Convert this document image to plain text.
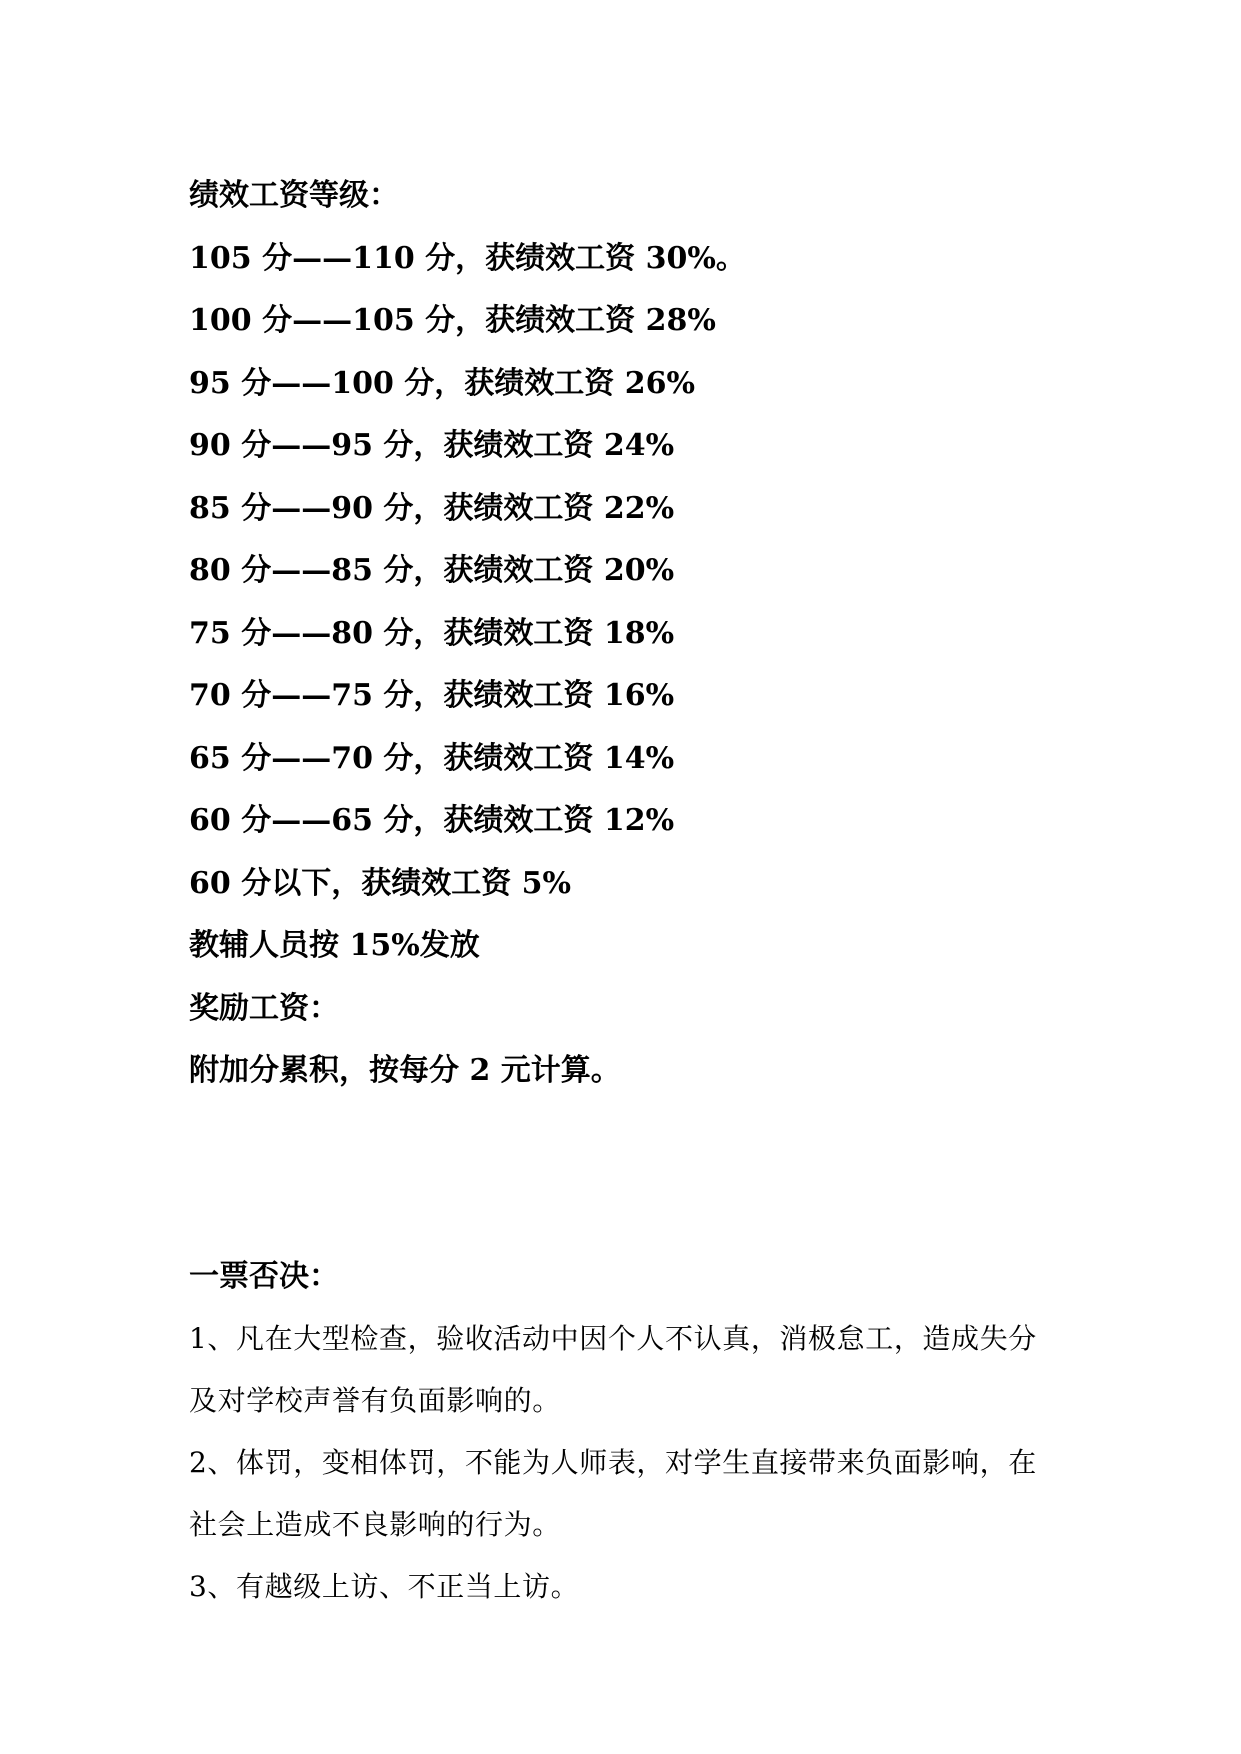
绩效工资等级：

105 分——110 分，获绩效工资 30%。

100 分——105 分，获绩效工资 28%

95 分——100 分，获绩效工资 26%

90 分——95 分，获绩效工资 24%

85 分——90 分，获绩效工资 22%

80 分——85 分，获绩效工资 20%

75 分——80 分，获绩效工资 18%

70 分——75 分，获绩效工资 16%

65 分——70 分，获绩效工资 14%

60 分——65 分，获绩效工资 12%

60 分以下，获绩效工资 5%

教辅人员按 15%发放

奖励工资：

附加分累积，按每分 2 元计算。

一票否决：

1、凡在大型检查，验收活动中因个人不认真，消极怠工，造成失分

及对学校声誉有负面影响的。

2、体罚，变相体罚，不能为人师表，对学生直接带来负面影响，在

社会上造成不良影响的行为。

3、有越级上访、不正当上访。
